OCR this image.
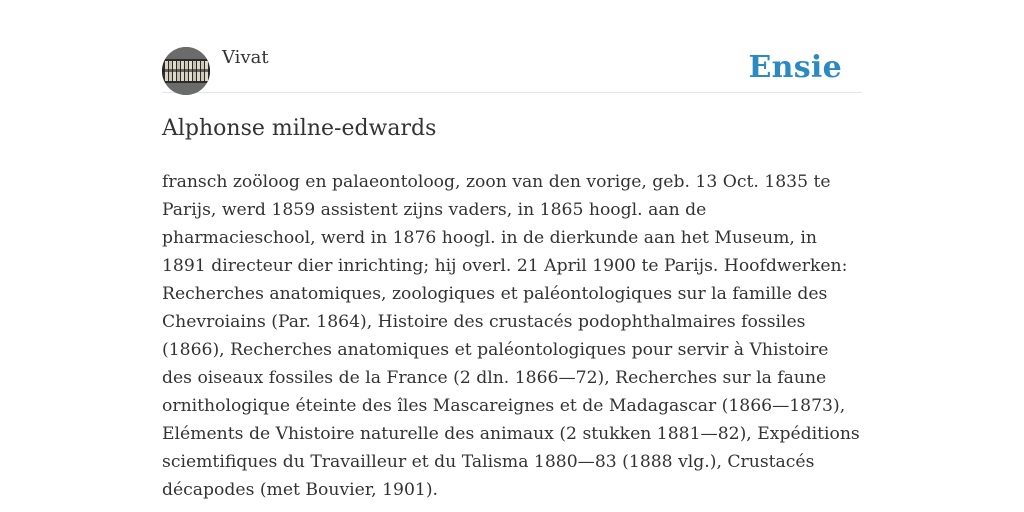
Vivat	Ensie
Alphonse milne-edwards

fransch zoöloog en palaeontoloog, zoon van den vorige, geb. 13 Oct. 1835 te Parijs, werd 1859 assistent zijns vaders, in 1865 hoogl. aan de pharmacieschool, werd in 1876 hoogl. in de dierkunde aan het Museum, in 1891 directeur dier inrichting; hij overl. 21 April 1900 te Parijs. Hoofdwerken: Recherches anatomiques, zoologiques et paléontologiques sur la famille des Chevroiains (Par. 1864), Histoire des crustacés podophthalmaires fossiles (1866), Recherches anatomiques et paléontologiques pour servir à Vhistoire des oiseaux fossiles de la France (2 dln. 1866—72), Recherches sur la faune ornithologique éteinte des îles Mascareignes et de Madagascar (1866—1873), Eléments de Vhistoire naturelle des animaux (2 stukken 1881—82), Expéditions sciemtifiques du Travailleur et du Talisma 1880—83 (1888 vlg.), Crustacés décapodes (met Bouvier, 1901).
